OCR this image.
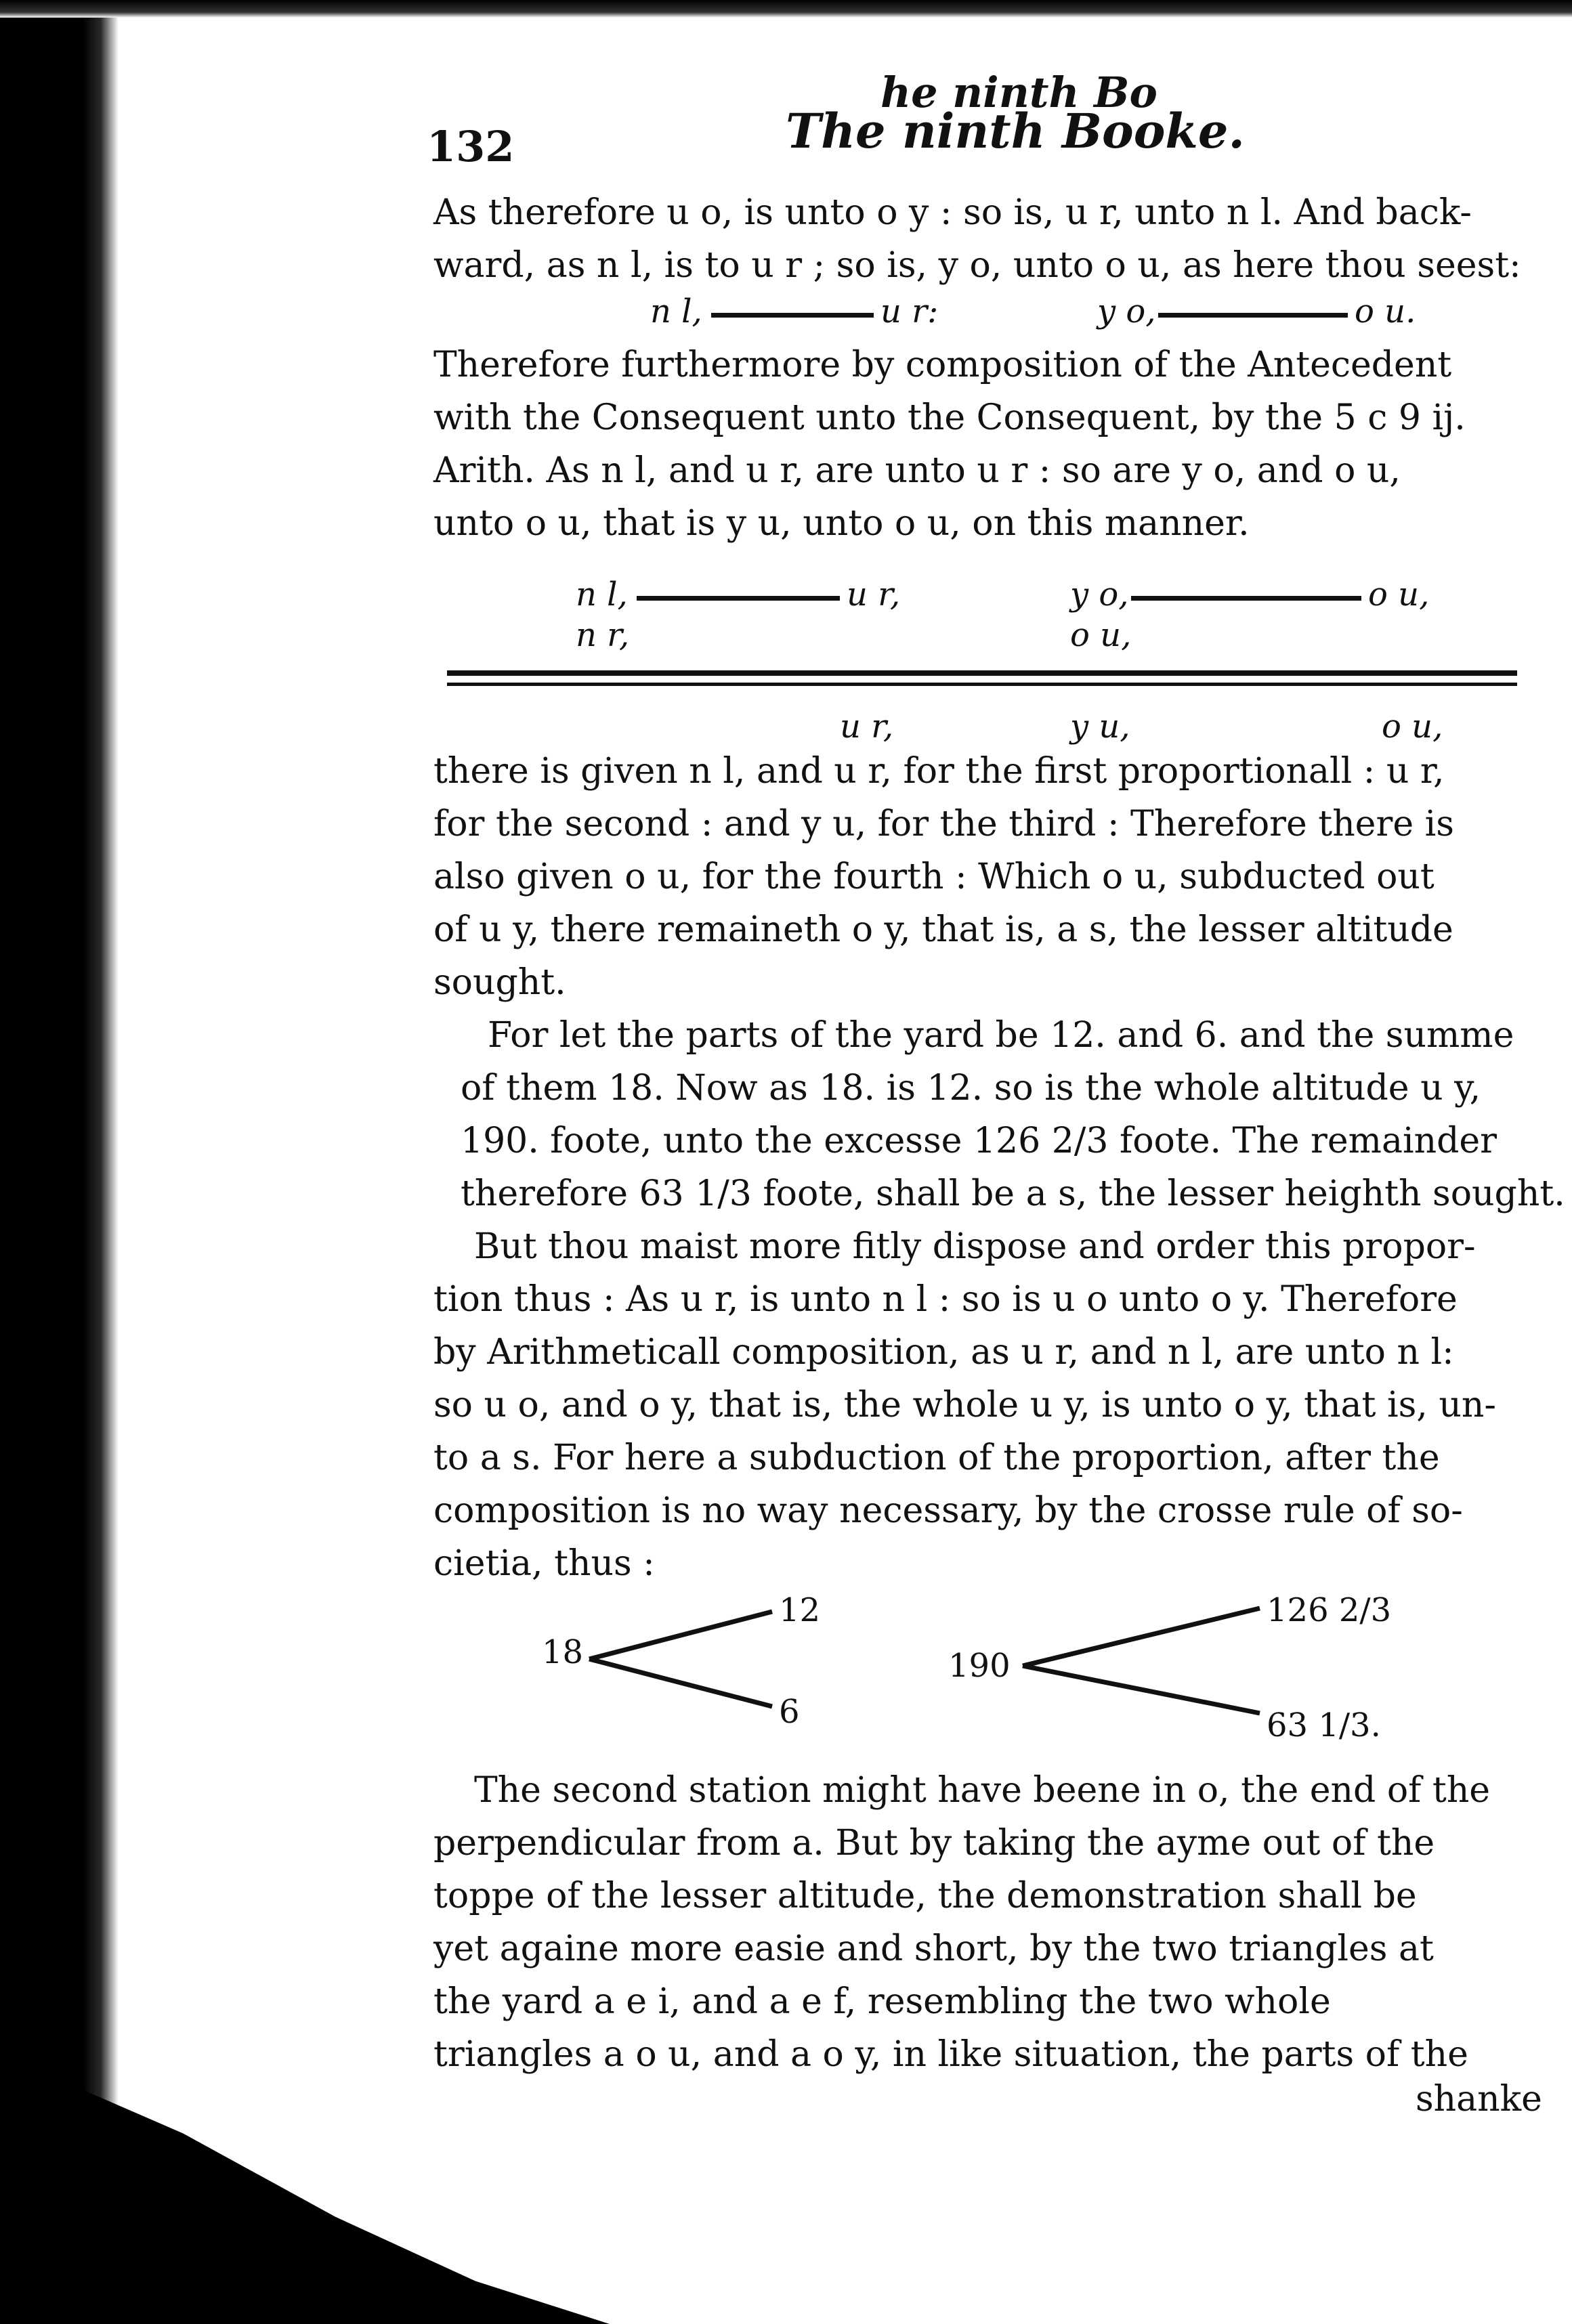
he ninth Bo
The ninth Booke.
132
As therefore u o, is unto o y : so is, u r, unto n l. And back-
ward, as n l, is to u r ; so is, y o, unto o u, as here thou seest:
n l,	u r:	y o,	o u.
Therefore furthermore by composition of the Antecedent
with the Consequent unto the Consequent, by the 5 c 9 ij.
Arith. As n l, and u r, are unto u r : so are y o, and o u,
unto o u, that is y u, unto o u, on this manner.
n l,	u r,	y o,	o u,
n r,	o u,
u r,	y u,	o u,
there is given n l, and u r, for the first proportionall : u r,
for the second : and y u, for the third : Therefore there is
also given o u, for the fourth : Which o u, subducted out
of u y, there remaineth o y, that is, a s, the lesser altitude
sought.
For let the parts of the yard be 12. and 6. and the summe
of them 18. Now as 18. is 12. so is the whole altitude u y,
190. foote, unto the excesse 126 2/3 foote. The remainder
therefore 63 1/3 foote, shall be a s, the lesser heighth sought.
But thou maist more fitly dispose and order this propor-
tion thus : As u r, is unto n l : so is u o unto o y. Therefore
by Arithmeticall composition, as u r, and n l, are unto n l:
so u o, and o y, that is, the whole u y, is unto o y, that is, un-
to a s. For here a subduction of the proportion, after the
composition is no way necessary, by the crosse rule of so-
cietia, thus :
18
12
6
190
126 2/3
63 1/3.
The second station might have beene in o, the end of the
perpendicular from a. But by taking the ayme out of the
toppe of the lesser altitude, the demonstration shall be
yet againe more easie and short, by the two triangles at
the yard a e i, and a e f, resembling the two whole
triangles a o u, and a o y, in like situation, the parts of the
shanke
